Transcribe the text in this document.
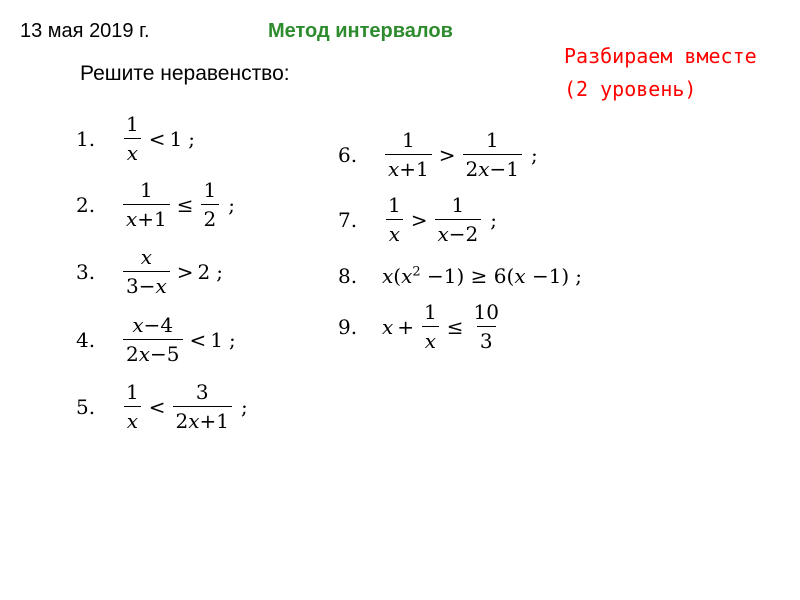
13 мая 2019 г.	Метод интервалов
Решите неравенство:
Разбираем вместе
(2 уровень)
1.	$\frac{1}{x} < 1$ ;
2.	$\frac{1}{x+1} \le \frac{1}{2}$ ;
3.	$\frac{x}{3-x} > 2$ ;
4.	$\frac{x-4}{2x-5} < 1$ ;
5.	$\frac{1}{x} < \frac{3}{2x+1}$ ;
6.	$\frac{1}{x+1} > \frac{1}{2x-1}$ ;
7.	$\frac{1}{x} > \frac{1}{x-2}$ ;
8.	$x(x^2 -1) \ge 6(x -1)$ ;
9.	$x + \frac{1}{x} \le \frac{10}{3}$
